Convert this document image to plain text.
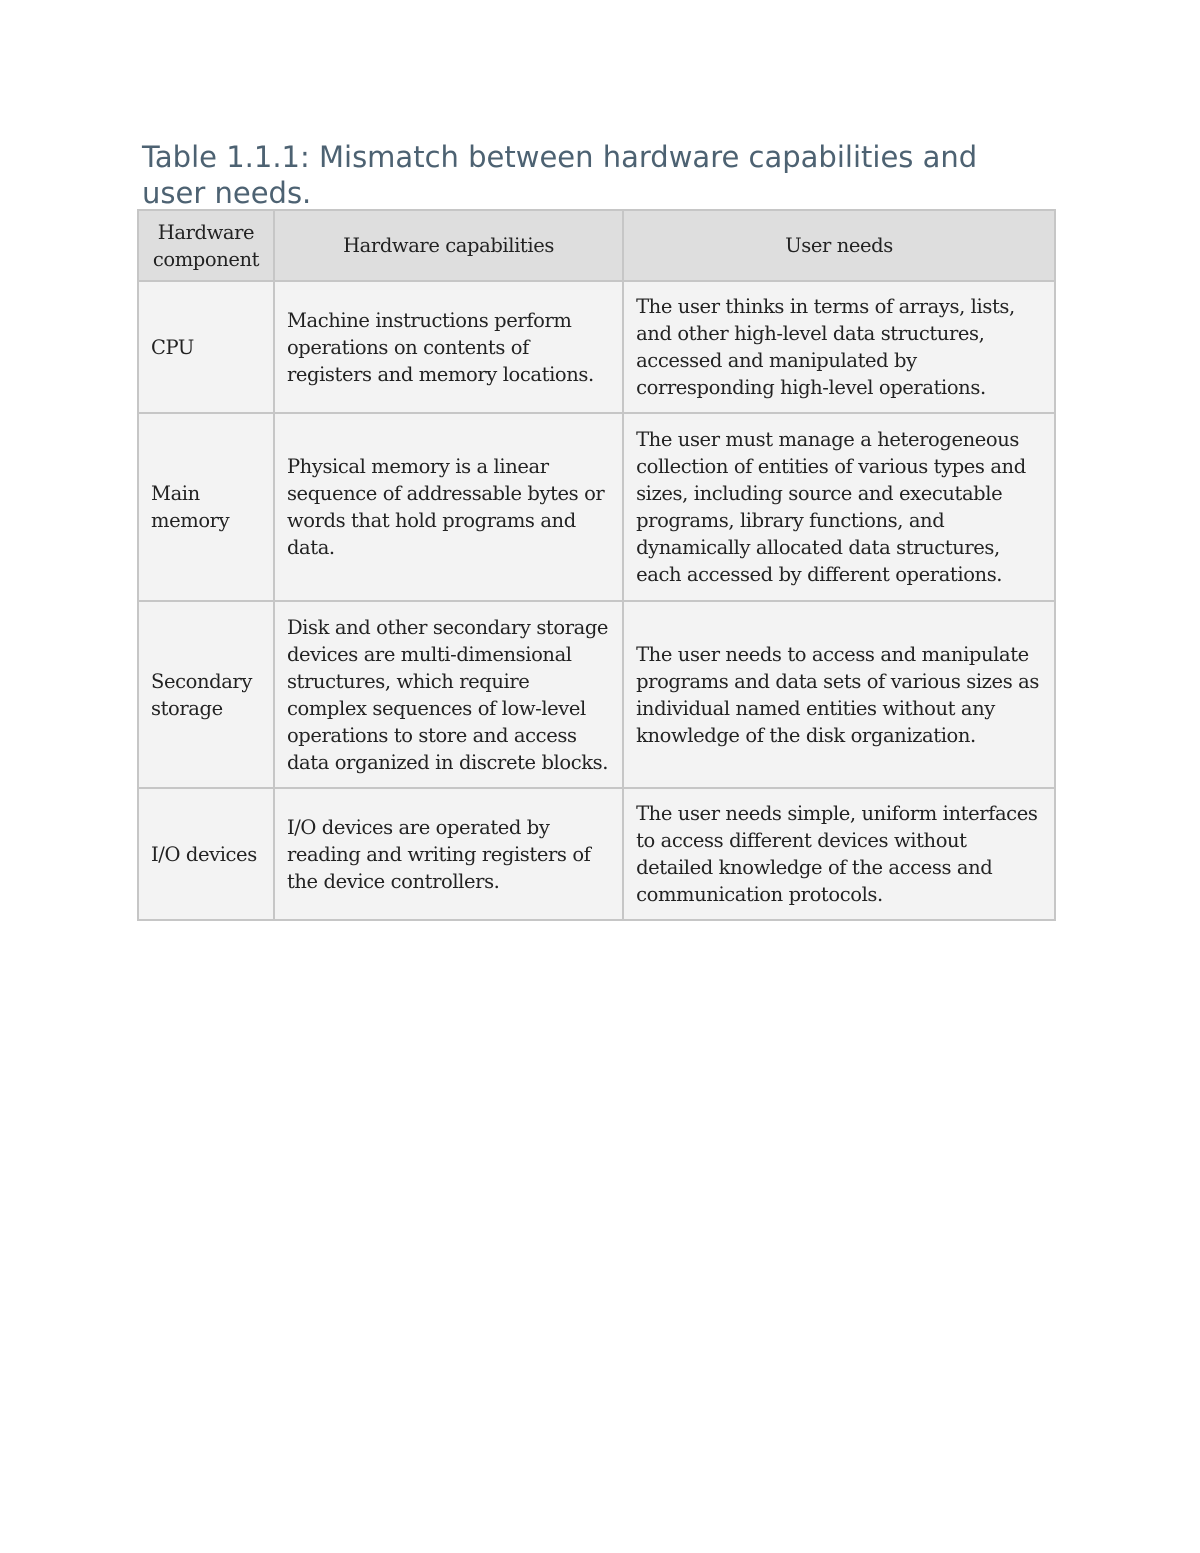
Table 1.1.1: Mismatch between hardware capabilities and user needs.
Hardware component	Hardware capabilities	User needs
CPU	Machine instructions perform operations on contents of registers and memory locations.	The user thinks in terms of arrays, lists, and other high-level data structures, accessed and manipulated by corresponding high-level operations.
Main memory	Physical memory is a linear sequence of addressable bytes or words that hold programs and data.	The user must manage a heterogeneous collection of entities of various types and sizes, including source and executable programs, library functions, and dynamically allocated data structures, each accessed by different operations.
Secondary storage	Disk and other secondary storage devices are multi-dimensional structures, which require complex sequences of low-level operations to store and access data organized in discrete blocks.	The user needs to access and manipulate programs and data sets of various sizes as individual named entities without any knowledge of the disk organization.
I/O devices	I/O devices are operated by reading and writing registers of the device controllers.	The user needs simple, uniform interfaces to access different devices without detailed knowledge of the access and communication protocols.
